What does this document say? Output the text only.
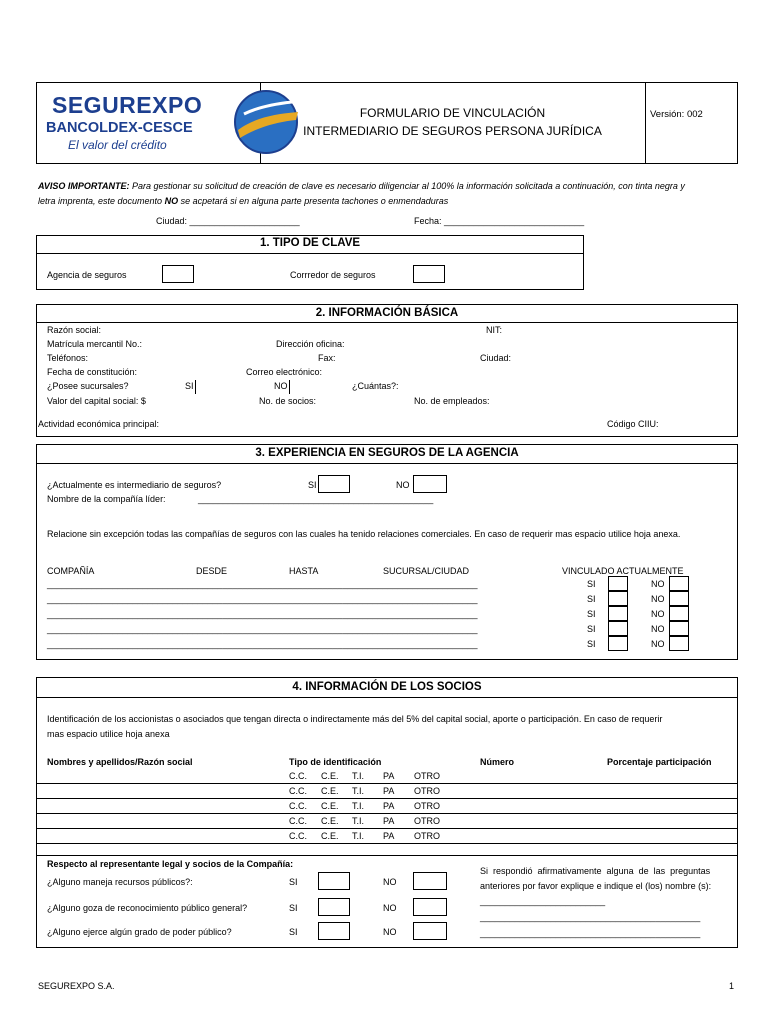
SEGUREXPO
BANCOLDEX-CESCE
El valor del crédito
FORMULARIO DE VINCULACIÓN
INTERMEDIARIO DE SEGUROS PERSONA JURÍDICA
Versión: 002
AVISO IMPORTANTE: Para gestionar su solicitud de creación de clave es necesario diligenciar al 100% la información solicitada a continuación, con tinta negra y
letra imprenta, este documento NO se acpetará si en alguna parte presenta tachones o enmendaduras
Ciudad: ______________________	Fecha: ____________________________
1. TIPO DE CLAVE
Agencia de seguros	Corrredor de seguros
2. INFORMACIÓN BÁSICA
Razón social:	NIT:
Matrícula mercantil No.:	Dirección oficina:
Teléfonos:	Fax:	Ciudad:
Fecha de constitución:	Correo electrónico:
¿Posee sucursales?	SI	NO	¿Cuántas?:
Valor del capital social: $	No. de socios:	No. de empleados:
Actividad económica principal:	Código CIIU:
3. EXPERIENCIA EN SEGUROS DE LA AGENCIA
¿Actualmente es intermediario de seguros?	SI	NO
Nombre de la compañía líder:	_______________________________________________
Relacione sin excepción todas las compañías de seguros con las cuales ha tenido relaciones comerciales. En caso de requerir mas espacio utilice hoja anexa.
COMPAÑÍA	DESDE	HASTA	SUCURSAL/CIUDAD	VINCULADO ACTUALMENTE
______________________________________________________________________________________	SI	NO
______________________________________________________________________________________	SI	NO
______________________________________________________________________________________	SI	NO
______________________________________________________________________________________	SI	NO
______________________________________________________________________________________	SI	NO
4. INFORMACIÓN DE LOS SOCIOS
Identificación de los accionistas o asociados que tengan directa o indirectamente más del 5% del capital social, aporte o participación. En caso de requerir
mas espacio utilice hoja anexa
Nombres y apellidos/Razón social	Tipo de identificación	Número	Porcentaje participación
C.C. C.E. T.I. PA OTRO
C.C. C.E. T.I. PA OTRO
C.C. C.E. T.I. PA OTRO
C.C. C.E. T.I. PA OTRO
C.C. C.E. T.I. PA OTRO
Respecto al representante legal y socios de la Compañía:
¿Alguno maneja recursos públicos?:	SI	NO
¿Alguno goza de reconocimiento público general?	SI	NO
¿Alguno ejerce algún grado de poder público?	SI	NO
Si respondió afirmativamente alguna de las preguntas
anteriores por favor explique e indique el (los) nombre (s):
_________________________
____________________________________________
____________________________________________
SEGUREXPO S.A.	1
